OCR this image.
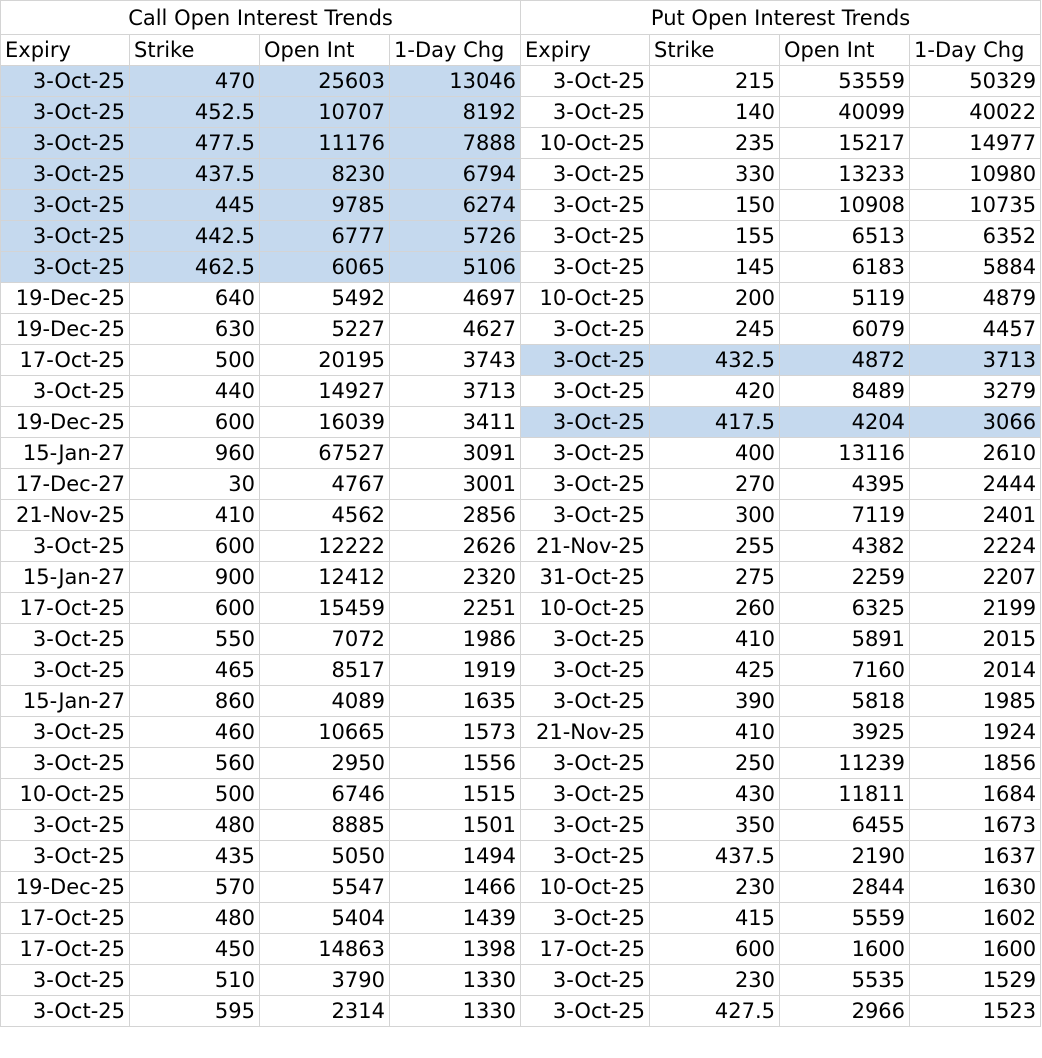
Call Open Interest Trends				Put Open Interest Trends			
Expiry	Strike	Open Int	1-Day Chg	Expiry	Strike	Open Int	1-Day Chg
3-Oct-25	470	25603	13046	3-Oct-25	215	53559	50329
3-Oct-25	452.5	10707	8192	3-Oct-25	140	40099	40022
3-Oct-25	477.5	11176	7888	10-Oct-25	235	15217	14977
3-Oct-25	437.5	8230	6794	3-Oct-25	330	13233	10980
3-Oct-25	445	9785	6274	3-Oct-25	150	10908	10735
3-Oct-25	442.5	6777	5726	3-Oct-25	155	6513	6352
3-Oct-25	462.5	6065	5106	3-Oct-25	145	6183	5884
19-Dec-25	640	5492	4697	10-Oct-25	200	5119	4879
19-Dec-25	630	5227	4627	3-Oct-25	245	6079	4457
17-Oct-25	500	20195	3743	3-Oct-25	432.5	4872	3713
3-Oct-25	440	14927	3713	3-Oct-25	420	8489	3279
19-Dec-25	600	16039	3411	3-Oct-25	417.5	4204	3066
15-Jan-27	960	67527	3091	3-Oct-25	400	13116	2610
17-Dec-27	30	4767	3001	3-Oct-25	270	4395	2444
21-Nov-25	410	4562	2856	3-Oct-25	300	7119	2401
3-Oct-25	600	12222	2626	21-Nov-25	255	4382	2224
15-Jan-27	900	12412	2320	31-Oct-25	275	2259	2207
17-Oct-25	600	15459	2251	10-Oct-25	260	6325	2199
3-Oct-25	550	7072	1986	3-Oct-25	410	5891	2015
3-Oct-25	465	8517	1919	3-Oct-25	425	7160	2014
15-Jan-27	860	4089	1635	3-Oct-25	390	5818	1985
3-Oct-25	460	10665	1573	21-Nov-25	410	3925	1924
3-Oct-25	560	2950	1556	3-Oct-25	250	11239	1856
10-Oct-25	500	6746	1515	3-Oct-25	430	11811	1684
3-Oct-25	480	8885	1501	3-Oct-25	350	6455	1673
3-Oct-25	435	5050	1494	3-Oct-25	437.5	2190	1637
19-Dec-25	570	5547	1466	10-Oct-25	230	2844	1630
17-Oct-25	480	5404	1439	3-Oct-25	415	5559	1602
17-Oct-25	450	14863	1398	17-Oct-25	600	1600	1600
3-Oct-25	510	3790	1330	3-Oct-25	230	5535	1529
3-Oct-25	595	2314	1330	3-Oct-25	427.5	2966	1523
